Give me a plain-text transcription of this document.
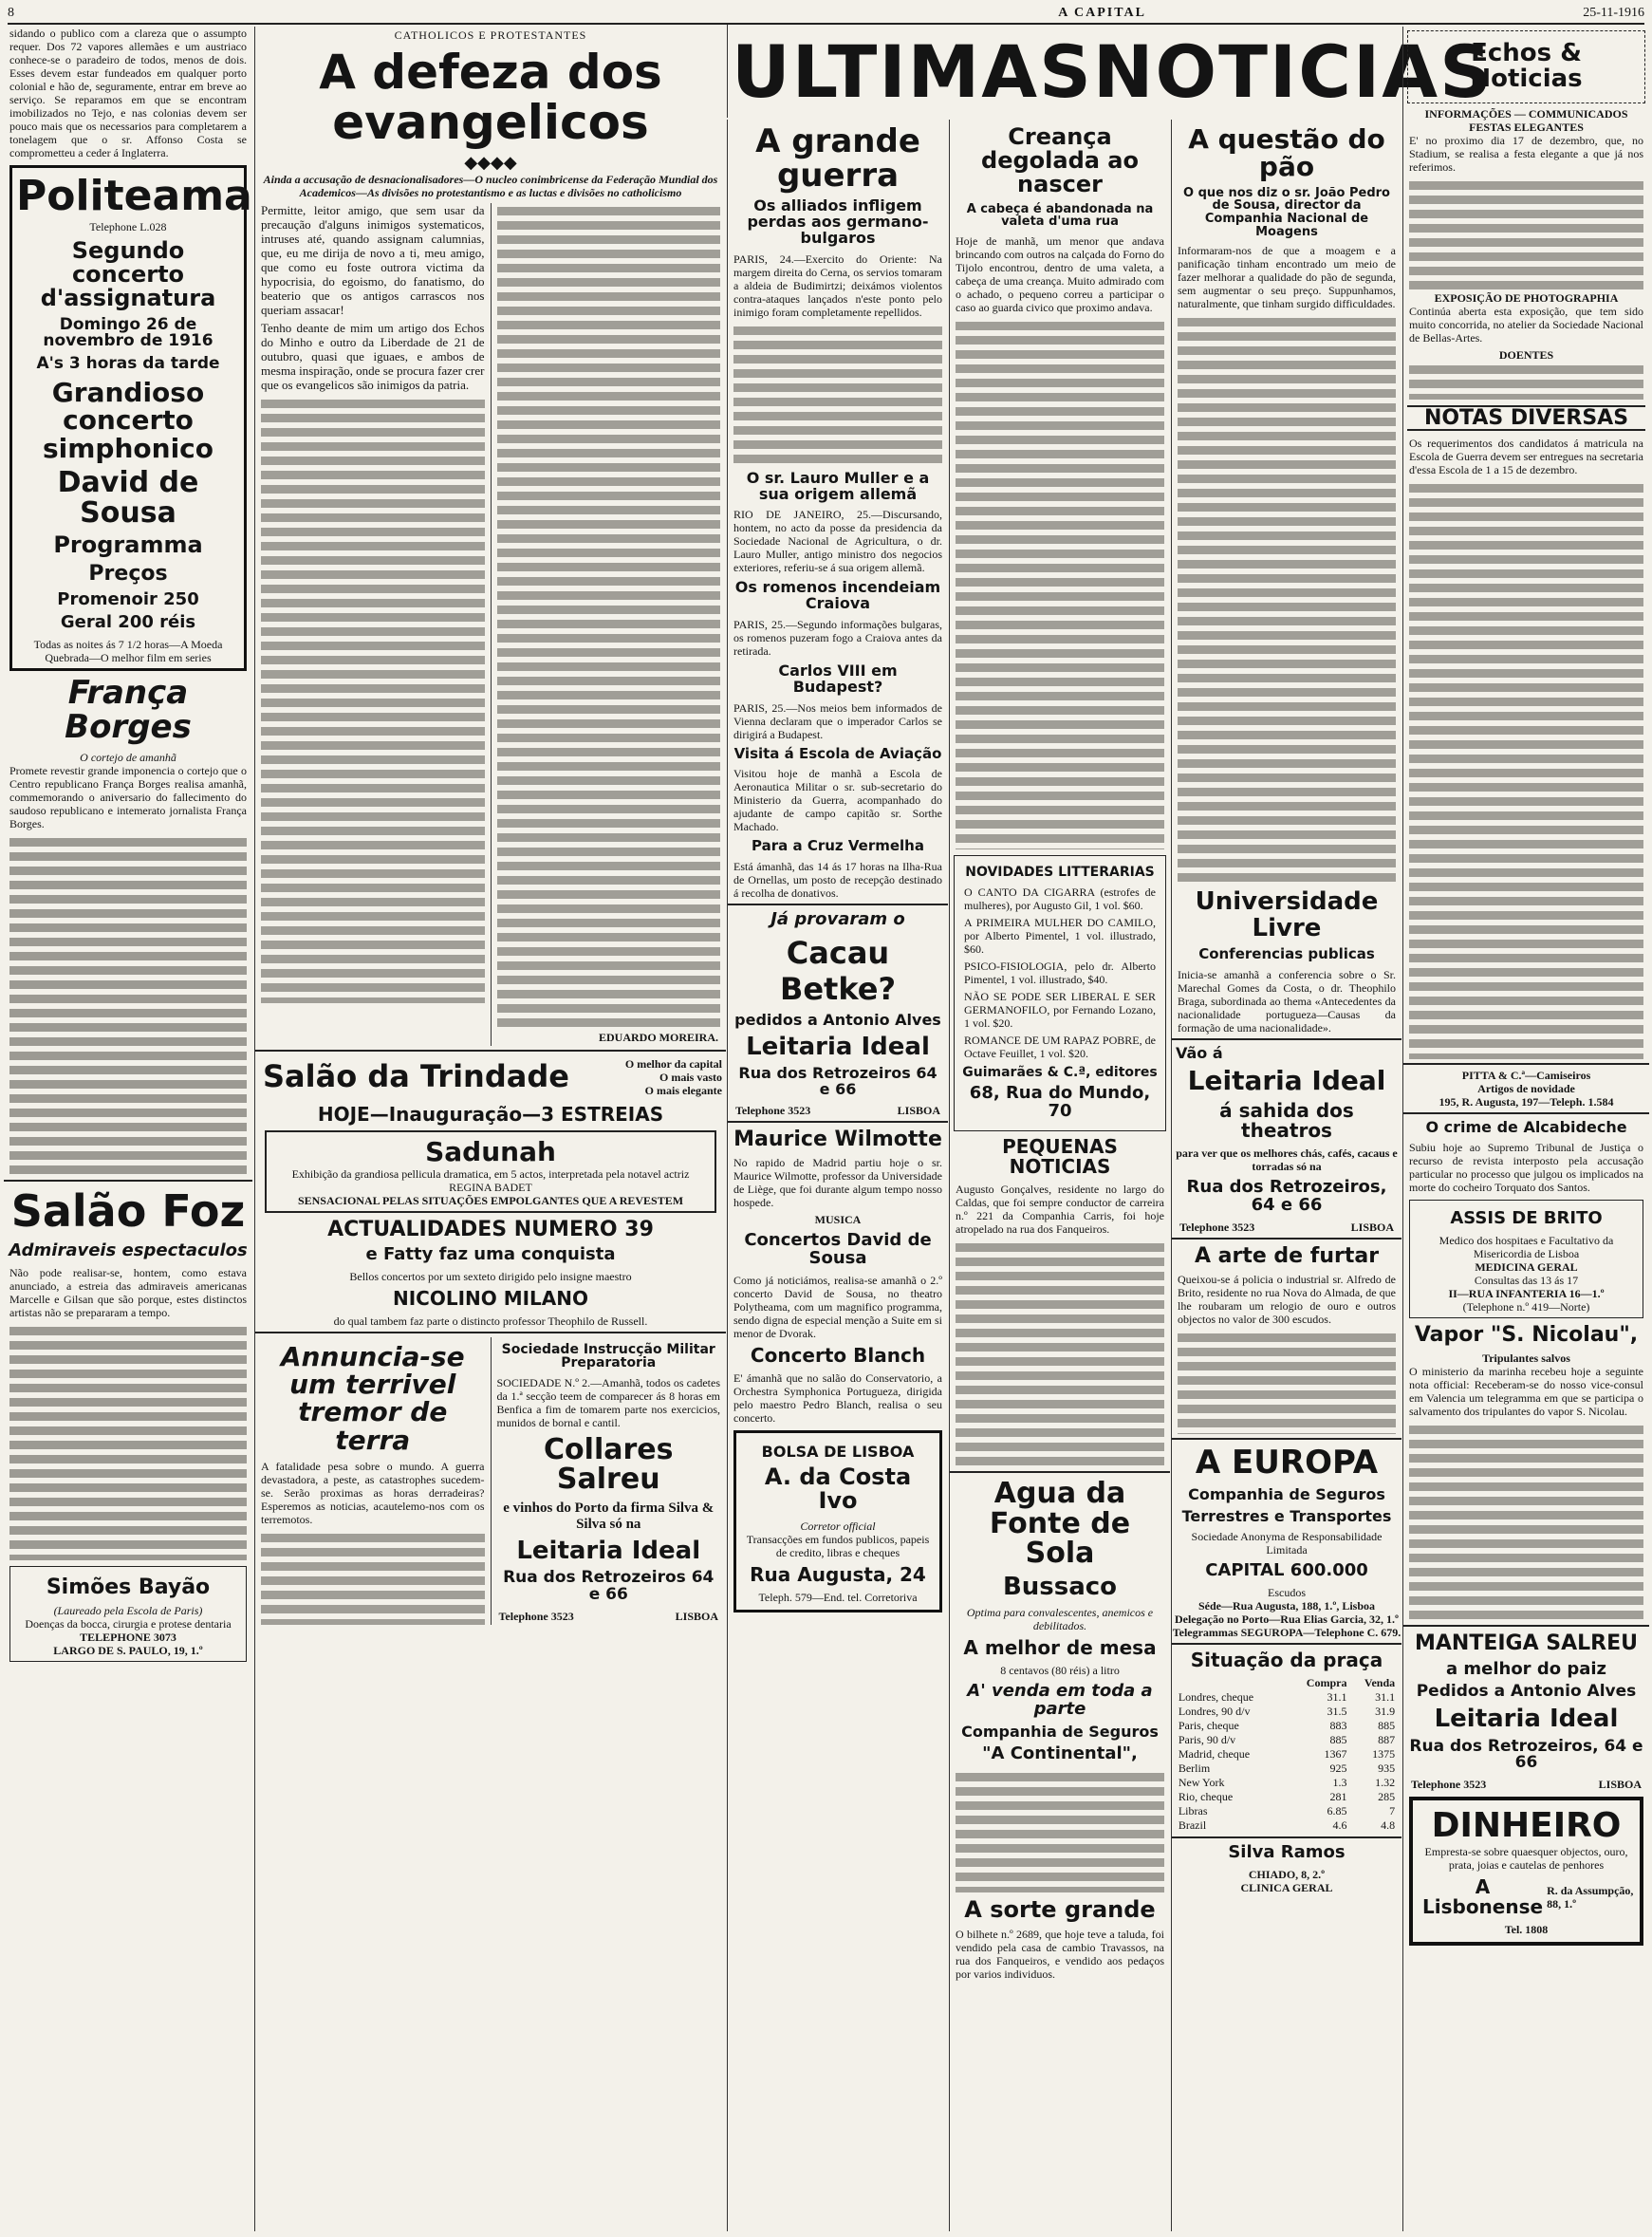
8	A CAPITAL	25-11-1916

sidando o publico com a clareza que o assumpto requer. Dos 72 vapores allemães e um austriaco conhece-se o paradeiro de todos, menos de dois. Esses devem estar fundeados em qualquer porto colonial e hão de, seguramente, entrar em breve ao serviço. Se reparamos em que se encontram imobilizados no Tejo, e nas colonias devem ser pouco mais que os necessarios para completarem a tonelagem que o sr. Affonso Costa se comprometteu a ceder á Inglaterra.

Politeama
Telephone L.028
Segundo concerto d'assignatura
Domingo 26 de novembro de 1916
A's 3 horas da tarde
Grandioso concerto simphonico
David de Sousa
Programma
Preços
Promenoir 250
Geral 200 réis
Todas as noites ás 7 1/2 horas—A Moeda Quebrada—O melhor film em series
França Borges
O cortejo de amanhã

Promete revestir grande imponencia o cortejo que o Centro republicano França Borges realisa amanhã, commemorando o aniversario do fallecimento do saudoso republicano e intemerato jornalista França Borges.

Salão Foz
Admiraveis espectaculos

Não pode realisar-se, hontem, como estava anunciado, a estreia das admiraveis americanas Marcelle e Gilsan que são porque, estes distinctos artistas não se prepararam a tempo.

Simões Bayão
(Laureado pela Escola de Paris)
Doenças da bocca, cirurgia e protese dentaria
TELEPHONE 3073
LARGO DE S. PAULO, 19, 1.º
CATHOLICOS E PROTESTANTES
A defeza dos evangelicos
◆◆◆◆

Ainda a accusação de desnacionalisadores—O nucleo conimbricense da Federação Mundial dos Academicos—As divisões no protestantismo e as luctas e divisões no catholicismo

Permitte, leitor amigo, que sem usar da precaução d'alguns inimigos systematicos, intruses até, quando assignam calumnias, que, eu me dirija de novo a ti, meu amigo, que como eu foste outrora victima da hypocrisia, do egoismo, do fanatismo, do beaterio que os antigos carrascos nos queriam assacar!

Tenho deante de mim um artigo dos Echos do Minho e outro da Liberdade de 21 de outubro, quasi que iguaes, e ambos de mesma inspiração, onde se procura fazer crer que os evangelicos são inimigos da patria.

EDUARDO MOREIRA.
Salão da Trindade	O melhor da capital
O mais vasto
O mais elegante
HOJE—Inauguração—3 ESTREIAS
Sadunah
Exhibição da grandiosa pellicula dramatica, em 5 actos, interpretada pela notavel actriz REGINA BADET
SENSACIONAL PELAS SITUAÇÕES EMPOLGANTES QUE A REVESTEM
ACTUALIDADES NUMERO 39
e Fatty faz uma conquista
Bellos concertos por um sexteto dirigido pelo insigne maestro
NICOLINO MILANO
do qual tambem faz parte o distincto professor Theophilo de Russell.
Annuncia-se um terrivel tremor de terra

A fatalidade pesa sobre o mundo. A guerra devastadora, a peste, as catastrophes sucedem-se. Serão proximas as horas derradeiras? Esperemos as noticias, acautelemo-nos com os terremotos.

Sociedade Instrucção Militar Preparatoria

SOCIEDADE N.º 2.—Amanhã, todos os cadetes da 1.ª secção teem de comparecer ás 8 horas em Benfica a fim de tomarem parte nos exercicios, munidos de bornal e cantil.

Collares Salreu
e vinhos do Porto da firma Silva & Silva só na
Leitaria Ideal
Rua dos Retrozeiros 64 e 66
Telephone 3523	LISBOA
ULTIMAS NOTICIAS
A grande guerra
Os alliados infligem perdas aos germano-bulgaros

PARIS, 24.—Exercito do Oriente: Na margem direita do Cerna, os servios tomaram a aldeia de Budimirtzi; deixámos violentos contra-ataques lançados n'este ponto pelo inimigo foram completamente repellidos.

O sr. Lauro Muller e a sua origem allemã

RIO DE JANEIRO, 25.—Discursando, hontem, no acto da posse da presidencia da Sociedade Nacional de Agricultura, o dr. Lauro Muller, antigo ministro dos negocios exteriores, referiu-se á sua origem allemã.

Os romenos incendeiam Craiova

PARIS, 25.—Segundo informações bulgaras, os romenos puzeram fogo a Craiova antes da retirada.

Carlos VIII em Budapest?

PARIS, 25.—Nos meios bem informados de Vienna declaram que o imperador Carlos se dirigirá a Budapest.

Visita á Escola de Aviação

Visitou hoje de manhã a Escola de Aeronautica Militar o sr. sub-secretario do Ministerio da Guerra, acompanhado do ajudante de campo capitão sr. Sorthe Machado.

Para a Cruz Vermelha

Está ámanhã, das 14 ás 17 horas na Ilha-Rua de Ornellas, um posto de recepção destinado á recolha de donativos.

Já provaram o
Cacau Betke?
pedidos a Antonio Alves
Leitaria Ideal
Rua dos Retrozeiros 64 e 66
Telephone 3523	LISBOA
Maurice Wilmotte

No rapido de Madrid partiu hoje o sr. Maurice Wilmotte, professor da Universidade de Liège, que foi durante algum tempo nosso hospede.

MUSICA
Concertos David de Sousa

Como já noticiámos, realisa-se amanhã o 2.º concerto David de Sousa, no theatro Polytheama, com um magnifico programma, sendo digna de especial menção a Suite em si menor de Dvorak.

Concerto Blanch

E' ámanhã que no salão do Conservatorio, a Orchestra Symphonica Portugueza, dirigida pelo maestro Pedro Blanch, realisa o seu concerto.

BOLSA DE LISBOA
A. da Costa Ivo
Corretor official
Transacções em fundos publicos, papeis de credito, libras e cheques
Rua Augusta, 24
Teleph. 579—End. tel. Corretoriva
Creança degolada ao nascer
A cabeça é abandonada na valeta d'uma rua

Hoje de manhã, um menor que andava brincando com outros na calçada do Forno do Tijolo encontrou, dentro de uma valeta, a cabeça de uma creança. Muito admirado com o achado, o pequeno correu a participar o caso ao guarda civico que proximo andava.

NOVIDADES LITTERARIAS

O CANTO DA CIGARRA (estrofes de mulheres), por Augusto Gil, 1 vol. $60.

A PRIMEIRA MULHER DO CAMILO, por Alberto Pimentel, 1 vol. illustrado, $60.

PSICO-FISIOLOGIA, pelo dr. Alberto Pimentel, 1 vol. illustrado, $40.

NÃO SE PODE SER LIBERAL E SER GERMANOFILO, por Fernando Lozano, 1 vol. $20.

ROMANCE DE UM RAPAZ POBRE, de Octave Feuillet, 1 vol. $20.

Guimarães & C.ª, editores
68, Rua do Mundo, 70
PEQUENAS NOTICIAS

Augusto Gonçalves, residente no largo do Caldas, que foi sempre conductor de carreira n.º 221 da Companhia Carris, foi hoje atropelado na rua dos Fanqueiros.

Agua da Fonte de Sola
Bussaco
Optima para convalescentes, anemicos e debilitados.
A melhor de mesa
8 centavos (80 réis) a litro
A' venda em toda a parte
Companhia de Seguros
"A Continental",
A sorte grande

O bilhete n.º 2689, que hoje teve a taluda, foi vendido pela casa de cambio Travassos, na rua dos Fanqueiros, e vendido aos pedaços por varios individuos.

A questão do pão
O que nos diz o sr. João Pedro de Sousa, director da Companhia Nacional de Moagens

Informaram-nos de que a moagem e a panificação tinham encontrado um meio de fazer melhorar a qualidade do pão de segunda, sem augmentar o seu preço. Suppunhamos, naturalmente, que tinham surgido difficuldades.

Universidade Livre
Conferencias publicas

Inicia-se amanhã a conferencia sobre o Sr. Marechal Gomes da Costa, o dr. Theophilo Braga, subordinada ao thema «Antecedentes da nacionalidade portugueza—Causas da formação de uma nacionalidade».

Vão á
Leitaria Ideal
á sahida dos theatros
para ver que os melhores chás, cafés, cacaus e torradas só na
Rua dos Retrozeiros, 64 e 66
Telephone 3523	LISBOA
A arte de furtar

Queixou-se á policia o industrial sr. Alfredo de Brito, residente no rua Nova do Almada, de que lhe roubaram um relogio de ouro e outros objectos no valor de 300 escudos.

A EUROPA
Companhia de Seguros
Terrestres e Transportes
Sociedade Anonyma de Responsabilidade Limitada
CAPITAL 600.000
Escudos
Séde—Rua Augusta, 188, 1.º, Lisboa
Delegação no Porto—Rua Elias Garcia, 32, 1.º
Telegrammas SEGUROPA—Telephone C. 679.
Situação da praça
	Compra	Venda
Londres, cheque	31.1	31.1
Londres, 90 d/v	31.5	31.9
Paris, cheque	883	885
Paris, 90 d/v	885	887
Madrid, cheque	1367	1375
Berlim	925	935
New York	1.3	1.32
Rio, cheque	281	285
Libras	6.85	7
Brazil	4.6	4.8
Silva Ramos
CHIADO, 8, 2.º
CLINICA GERAL
Echos & Noticias
INFORMAÇÕES — COMMUNICADOS
FESTAS ELEGANTES

E' no proximo dia 17 de dezembro, que, no Stadium, se realisa a festa elegante a que já nos referimos.

EXPOSIÇÃO DE PHOTOGRAPHIA

Continúa aberta esta exposição, que tem sido muito concorrida, no atelier da Sociedade Nacional de Bellas-Artes.

DOENTES
NOTAS DIVERSAS

Os requerimentos dos candidatos á matricula na Escola de Guerra devem ser entregues na secretaria d'essa Escola de 1 a 15 de dezembro.

PITTA & C.ª—Camiseiros
Artigos de novidade
195, R. Augusta, 197—Teleph. 1.584
O crime de Alcabideche

Subiu hoje ao Supremo Tribunal de Justiça o recurso de revista interposto pela accusação particular no processo que julgou os implicados na morte do cocheiro Torquato dos Santos.

ASSIS DE BRITO
Medico dos hospitaes e Facultativo da Misericordia de Lisboa
MEDICINA GERAL
Consultas das 13 ás 17
II—RUA INFANTERIA 16—1.º
(Telephone n.º 419—Norte)
Vapor "S. Nicolau",
Tripulantes salvos

O ministerio da marinha recebeu hoje a seguinte nota official: Receberam-se do nosso vice-consul em Valencia um telegramma em que se participa o salvamento dos tripulantes do vapor S. Nicolau.

MANTEIGA SALREU
a melhor do paiz
Pedidos a Antonio Alves
Leitaria Ideal
Rua dos Retrozeiros, 64 e 66
Telephone 3523	LISBOA
DINHEIRO
Empresta-se sobre quaesquer objectos, ouro, prata, joias e cautelas de penhores
A Lisbonense
R. da Assumpção, 88, 1.º
Tel. 1808
